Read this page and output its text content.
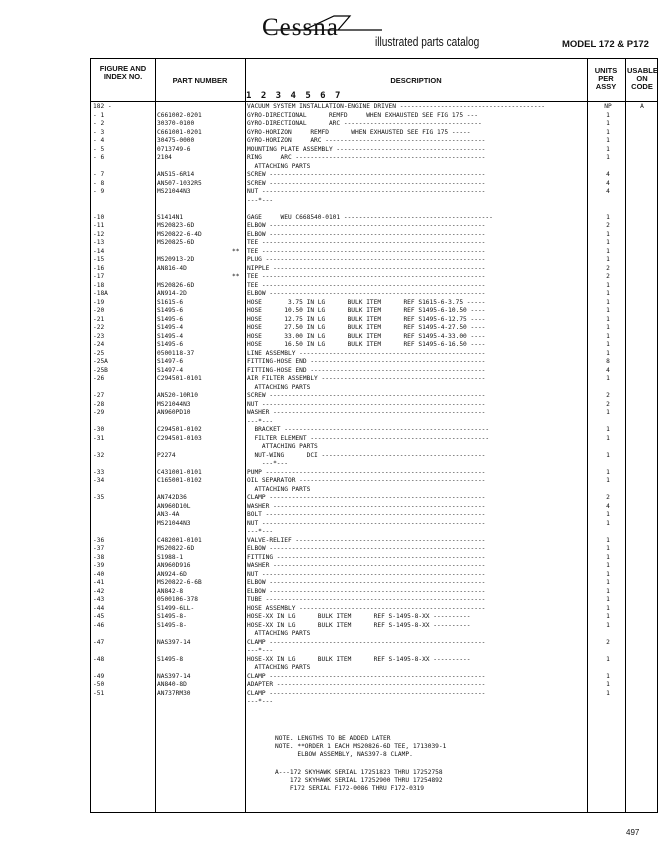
Cessna
illustrated parts catalog	MODEL 172 & P172
FIGURE AND INDEX NO.	PART NUMBER	DESCRIPTION
1 2 3 4 5 6 7
UNITS PER ASSY
USABLE ON CODE
182 -	VACUUM SYSTEM INSTALLATION-ENGINE DRIVEN ---------------------------------------	NP	A
- 1	C661002-0201	GYRO-DIRECTIONAL      REMFD     WHEN EXHAUSTED SEE FIG 175 ---	1
- 2	30370-0100	GYRO-DIRECTIONAL      ARC -------------------------------------	1
- 3	C661001-0201	GYRO-HORIZON     REMFD      WHEN EXHAUSTED SEE FIG 175 -----	1
- 4	30475-0000	GYRO-HORIZON     ARC -------------------------------------------	1
- 5	0713749-6	MOUNTING PLATE ASSEMBLY ----------------------------------------	1
- 6	2104	RING     ARC ---------------------------------------------------	1
ATTACHING PARTS
- 7	AN515-6R14	SCREW ----------------------------------------------------------	4
- 8	AN507-1032R5	SCREW ----------------------------------------------------------	4
- 9	MS21044N3	NUT ------------------------------------------------------------	4
---*---
-10	S1414N1	GAGE     WEU C668540-0101 ----------------------------------------	1
-11	MS20823-6D	ELBOW ----------------------------------------------------------	2
-12	MS20822-6-4D	ELBOW ----------------------------------------------------------	1
-13	MS20825-6D	TEE ------------------------------------------------------------	1
-14	**	TEE ------------------------------------------------------------	1
-15	MS20913-2D	PLUG -----------------------------------------------------------	1
-16	AN816-4D	NIPPLE ---------------------------------------------------------	2
-17	**	TEE ------------------------------------------------------------	2
-18	MS20826-6D	TEE ------------------------------------------------------------	1
-18A	AN914-2D	ELBOW ----------------------------------------------------------	1
-19	S1615-6	HOSE       3.75 IN LG      BULK ITEM      REF S1615-6-3.75 -----	1
-20	S1495-6	HOSE      10.50 IN LG      BULK ITEM      REF S1495-6-10.50 ----	1
-21	S1495-6	HOSE      12.75 IN LG      BULK ITEM      REF S1495-6-12.75 ----	1
-22	S1495-4	HOSE      27.50 IN LG      BULK ITEM      REF S1495-4-27.50 ----	1
-23	S1495-4	HOSE      33.00 IN LG      BULK ITEM      REF S1495-4-33.00 ----	1
-24	S1495-6	HOSE      16.50 IN LG      BULK ITEM      REF S1495-6-16.50 ----	1
-25	0500118-37	LINE ASSEMBLY --------------------------------------------------	1
-25A	S1497-6	FITTING-HOSE END -----------------------------------------------	8
-25B	S1497-4	FITTING-HOSE END -----------------------------------------------	4
-26	C294501-0101	AIR FILTER ASSEMBLY --------------------------------------------	1
ATTACHING PARTS
-27	AN520-10R10	SCREW ----------------------------------------------------------	2
-28	MS21044N3	NUT ------------------------------------------------------------	2
-29	AN960PD10	WASHER ---------------------------------------------------------	1
---*---
-30	C294501-0102	BRACKET -------------------------------------------------------	1
-31	C294501-0103	FILTER ELEMENT ------------------------------------------------	1
ATTACHING PARTS
-32	P2274	NUT-WING      DCI --------------------------------------------	1
---*---
-33	C431001-0101	PUMP -----------------------------------------------------------	1
-34	C165001-0102	OIL SEPARATOR --------------------------------------------------	1
ATTACHING PARTS
-35	AN742D36	CLAMP ----------------------------------------------------------	2
AN960D10L	WASHER ---------------------------------------------------------	4
AN3-4A	BOLT -----------------------------------------------------------	1
MS21044N3	NUT ------------------------------------------------------------	1
---*---
-36	C482001-0101	VALVE-RELIEF ---------------------------------------------------	1
-37	MS20822-6D	ELBOW ----------------------------------------------------------	1
-38	S1988-1	FITTING --------------------------------------------------------	1
-39	AN960D916	WASHER ---------------------------------------------------------	1
-40	AN924-6D	NUT ------------------------------------------------------------	1
-41	MS20822-6-6B	ELBOW ----------------------------------------------------------	1
-42	AN842-8	ELBOW ----------------------------------------------------------	1
-43	0500106-378	TUBE -----------------------------------------------------------	1
-44	S1499-6LL-	HOSE ASSEMBLY --------------------------------------------------	1
-45	S1495-8-	HOSE-XX IN LG      BULK ITEM      REF S-1495-8-XX ----------	1
-46	S1495-8-	HOSE-XX IN LG      BULK ITEM      REF S-1495-8-XX ----------	1
ATTACHING PARTS
-47	NAS397-14	CLAMP ----------------------------------------------------------	2
---*---
-48	S1495-8	HOSE-XX IN LG      BULK ITEM      REF S-1495-8-XX ----------	1
ATTACHING PARTS
-49	NAS397-14	CLAMP ----------------------------------------------------------	1
-50	AN840-8D	ADAPTER --------------------------------------------------------	1
-51	AN737RM30	CLAMP ----------------------------------------------------------	1
---*---
NOTE. LENGTHS TO BE ADDED LATER
NOTE. **ORDER 1 EACH MS20826-6D TEE, 1713039-1
ELBOW ASSEMBLY, NAS397-8 CLAMP.
A---172 SKYHAWK SERIAL 17251823 THRU 17252758
172 SKYHAWK SERIAL 17252900 THRU 17254892
F172 SERIAL F172-0086 THRU F172-0319
497
